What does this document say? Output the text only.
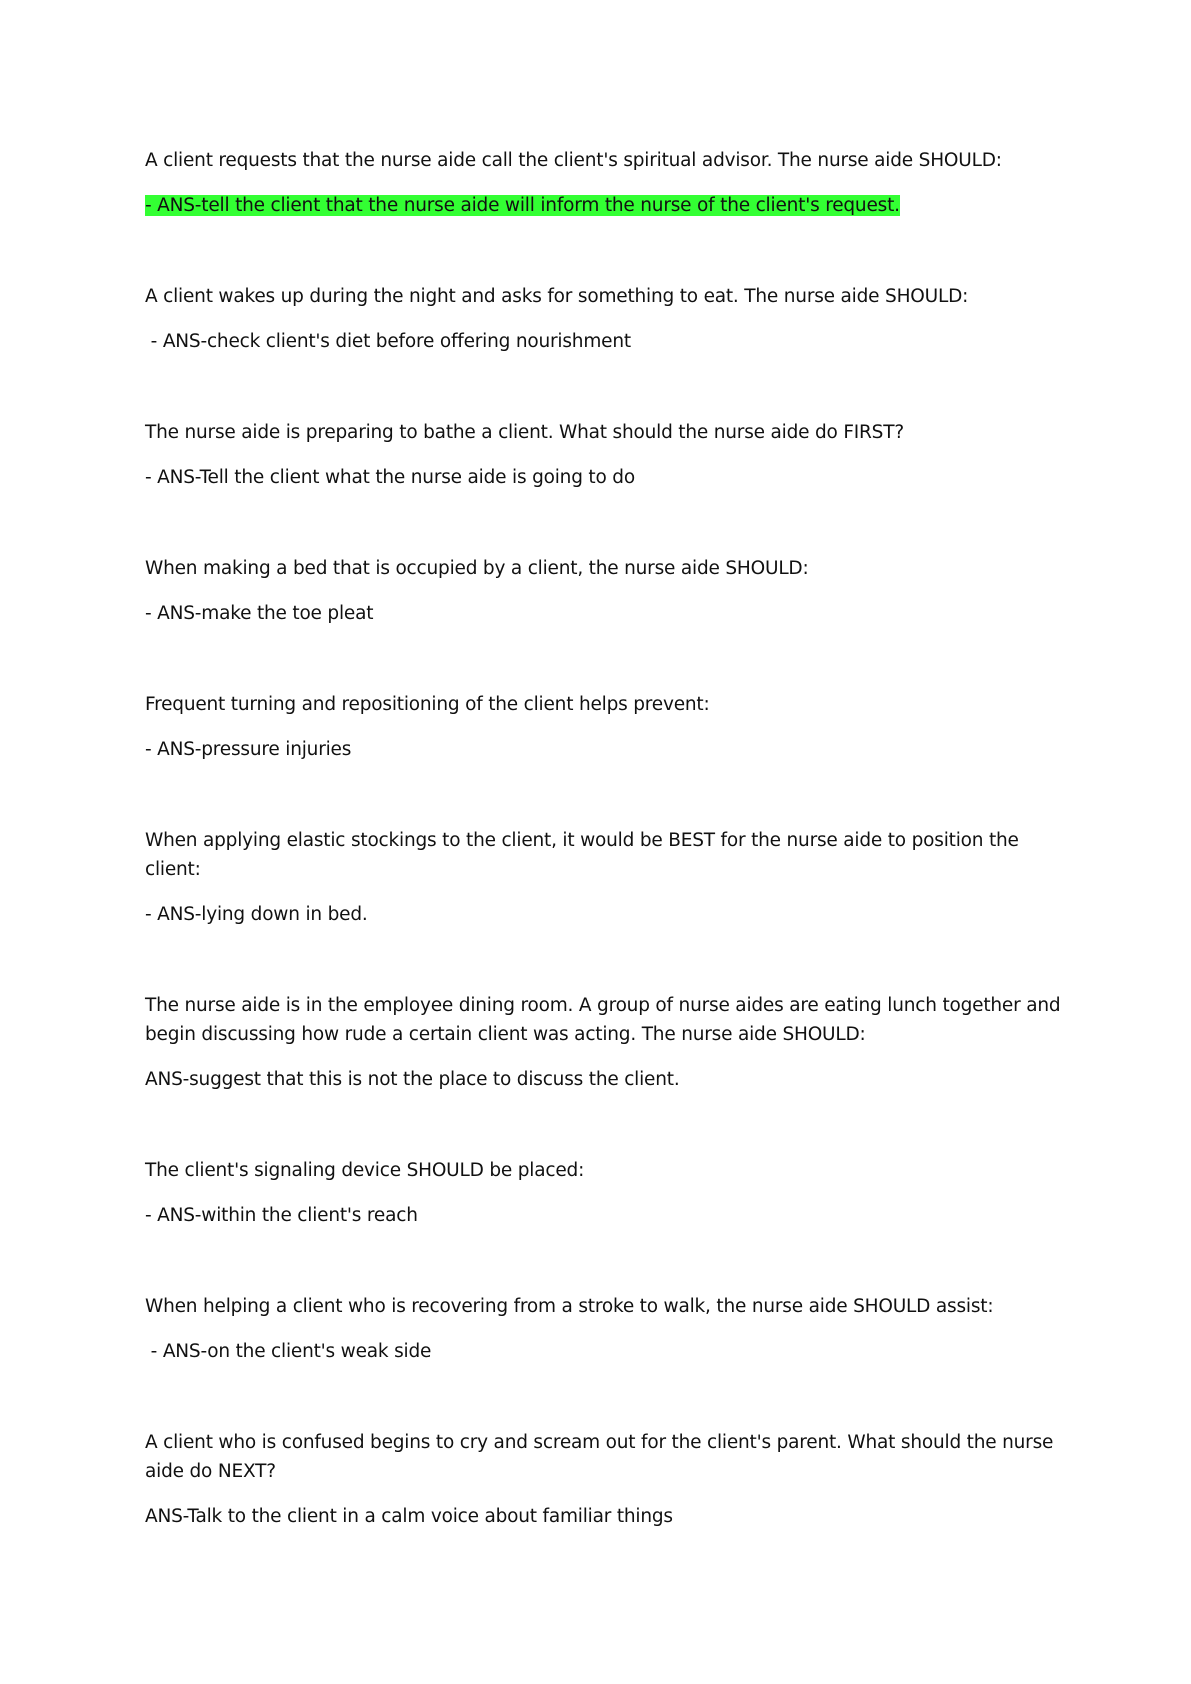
A client requests that the nurse aide call the client's spiritual advisor. The nurse aide SHOULD:

- ANS-tell the client that the nurse aide will inform the nurse of the client's request.

A client wakes up during the night and asks for something to eat. The nurse aide SHOULD:

- ANS-check client's diet before offering nourishment

The nurse aide is preparing to bathe a client. What should the nurse aide do FIRST?

- ANS-Tell the client what the nurse aide is going to do

When making a bed that is occupied by a client, the nurse aide SHOULD:

- ANS-make the toe pleat

Frequent turning and repositioning of the client helps prevent:

- ANS-pressure injuries

When applying elastic stockings to the client, it would be BEST for the nurse aide to position the client:

- ANS-lying down in bed.

The nurse aide is in the employee dining room. A group of nurse aides are eating lunch together and begin discussing how rude a certain client was acting. The nurse aide SHOULD:

ANS-suggest that this is not the place to discuss the client.

The client's signaling device SHOULD be placed:

- ANS-within the client's reach

When helping a client who is recovering from a stroke to walk, the nurse aide SHOULD assist:

- ANS-on the client's weak side

A client who is confused begins to cry and scream out for the client's parent. What should the nurse aide do NEXT?

ANS-Talk to the client in a calm voice about familiar things
